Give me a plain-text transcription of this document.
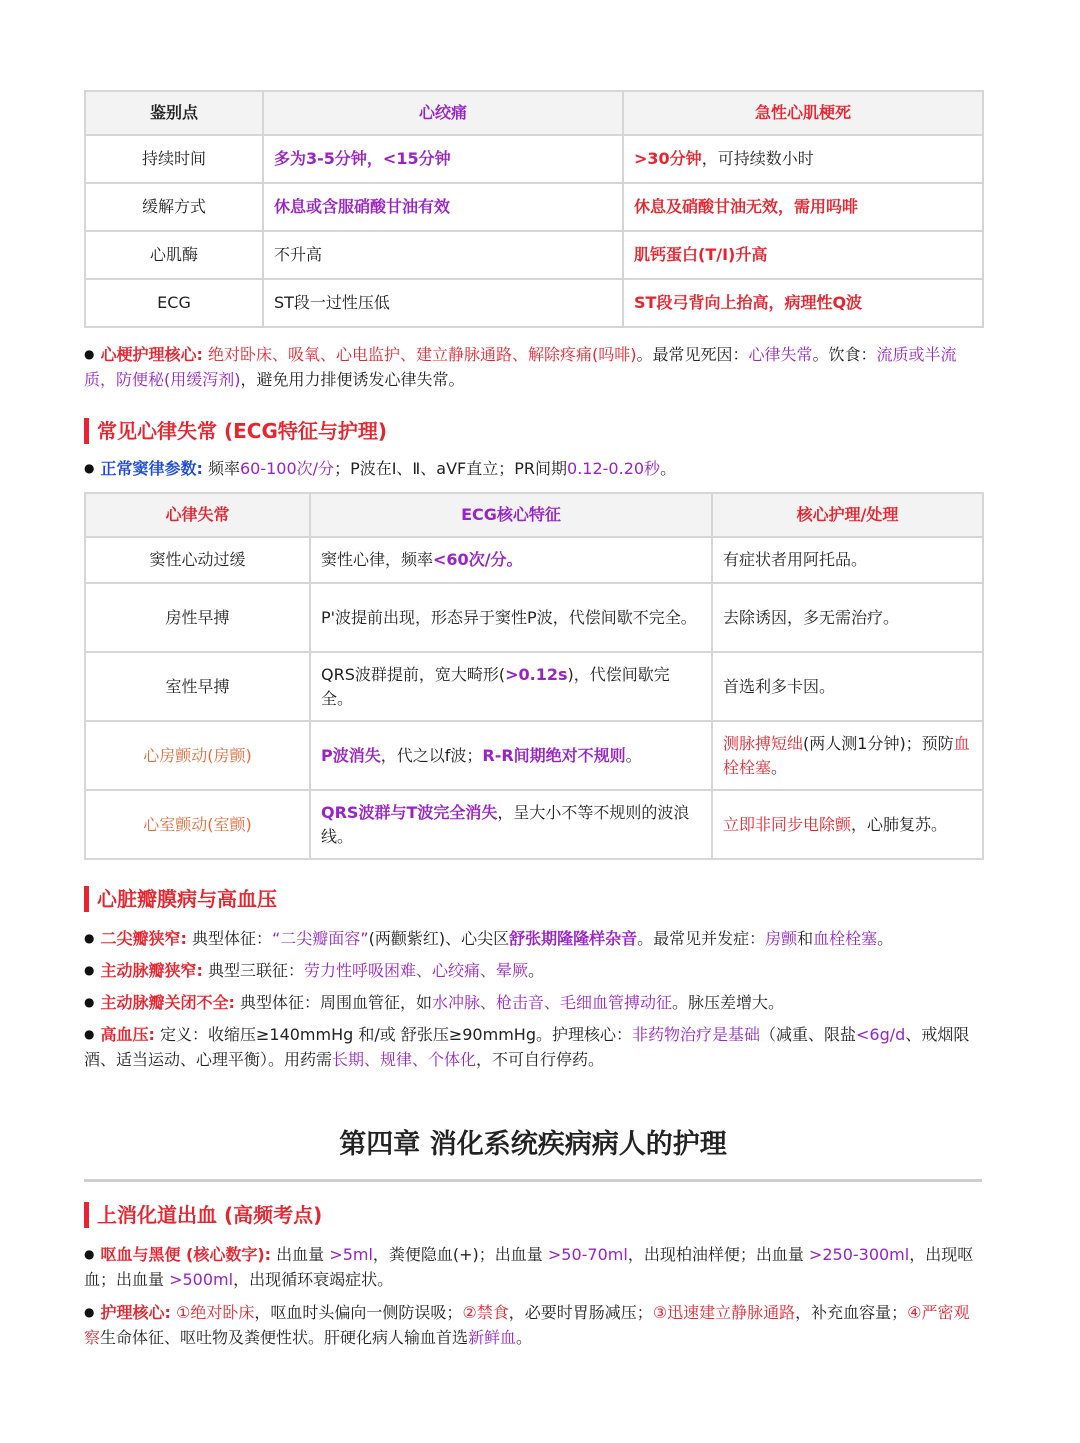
鉴别点	心绞痛	急性心肌梗死
持续时间	多为3-5分钟，<15分钟	>30分钟，可持续数小时
缓解方式	休息或含服硝酸甘油有效	休息及硝酸甘油无效，需用吗啡
心肌酶	不升高	肌钙蛋白(T/I)升高
ECG	ST段一过性压低	ST段弓背向上抬高，病理性Q波

● 心梗护理核心: 绝对卧床、吸氧、心电监护、建立静脉通路、解除疼痛(吗啡)。最常见死因：心律失常。饮食：流质或半流质，防便秘(用缓泻剂)，避免用力排便诱发心律失常。

常见心律失常 (ECG特征与护理)

● 正常窦律参数: 频率60-100次/分；P波在Ⅰ、Ⅱ、aVF直立；PR间期0.12-0.20秒。

心律失常	ECG核心特征	核心护理/处理
窦性心动过缓	窦性心律，频率<60次/分。	有症状者用阿托品。
房性早搏	P'波提前出现，形态异于窦性P波，代偿间歇不完全。	去除诱因，多无需治疗。
室性早搏	QRS波群提前，宽大畸形(>0.12s)，代偿间歇完全。	首选利多卡因。
心房颤动(房颤)	P波消失，代之以f波；R-R间期绝对不规则。	测脉搏短绌(两人测1分钟)；预防血栓栓塞。
心室颤动(室颤)	QRS波群与T波完全消失，呈大小不等不规则的波浪线。	立即非同步电除颤，心肺复苏。
心脏瓣膜病与高血压

● 二尖瓣狭窄: 典型体征：“二尖瓣面容”(两颧紫红)、心尖区舒张期隆隆样杂音。最常见并发症：房颤和血栓栓塞。

● 主动脉瓣狭窄: 典型三联征：劳力性呼吸困难、心绞痛、晕厥。

● 主动脉瓣关闭不全: 典型体征：周围血管征，如水冲脉、枪击音、毛细血管搏动征。脉压差增大。

● 高血压: 定义：收缩压≥140mmHg 和/或 舒张压≥90mmHg。护理核心：非药物治疗是基础（减重、限盐<6g/d、戒烟限酒、适当运动、心理平衡）。用药需长期、规律、个体化，不可自行停药。

第四章 消化系统疾病病人的护理
上消化道出血 (高频考点)

● 呕血与黑便 (核心数字): 出血量 >5ml，粪便隐血(+)；出血量 >50-70ml，出现柏油样便；出血量 >250-300ml，出现呕血；出血量 >500ml，出现循环衰竭症状。

● 护理核心: ①绝对卧床，呕血时头偏向一侧防误吸；②禁食，必要时胃肠减压；③迅速建立静脉通路，补充血容量；④严密观察生命体征、呕吐物及粪便性状。肝硬化病人输血首选新鲜血。
